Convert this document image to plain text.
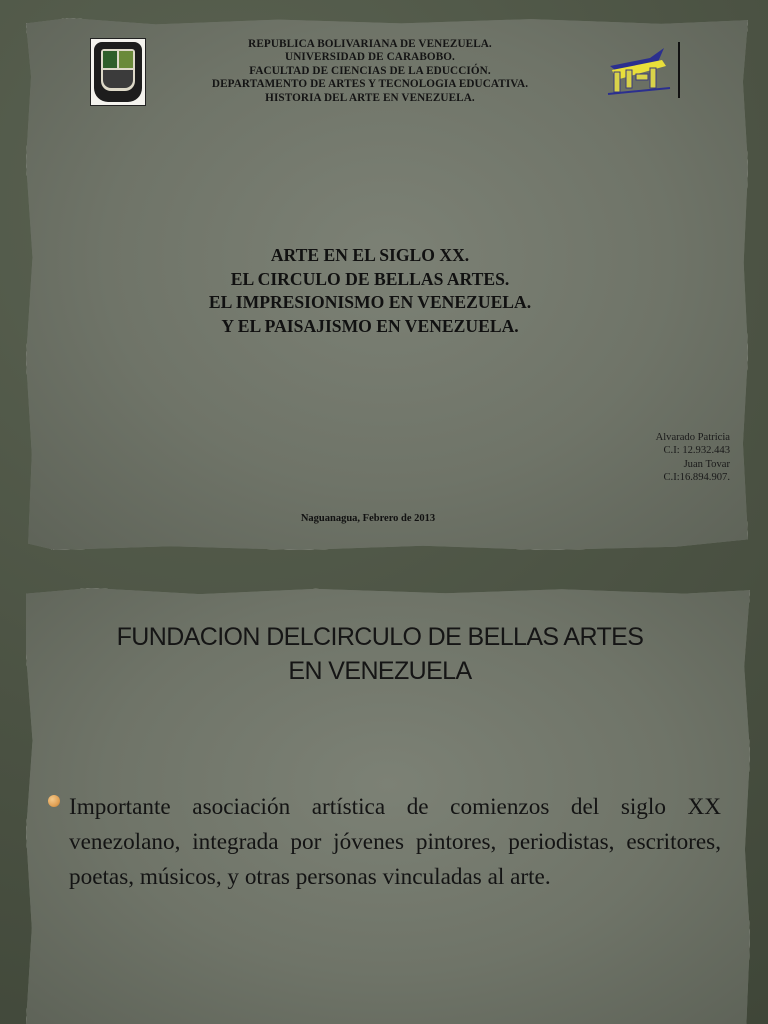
REPUBLICA BOLIVARIANA DE VENEZUELA.
UNIVERSIDAD DE CARABOBO.
FACULTAD DE CIENCIAS DE LA EDUCCIÓN.
DEPARTAMENTO DE ARTES Y TECNOLOGIA EDUCATIVA.
HISTORIA DEL ARTE EN VENEZUELA.
ARTE EN EL SIGLO XX.
EL CIRCULO DE BELLAS ARTES.
EL IMPRESIONISMO EN VENEZUELA.
Y EL PAISAJISMO EN VENEZUELA.
Alvarado Patricia
C.I: 12.932.443
Juan Tovar
C.I:16.894.907.
Naguanagua, Febrero de 2013
FUNDACION DELCIRCULO DE BELLAS ARTES
EN VENEZUELA
Importante asociación artística de comienzos del siglo XX venezolano, integrada por jóvenes pintores, periodistas, escritores, poetas, músicos, y otras personas vinculadas al arte.
